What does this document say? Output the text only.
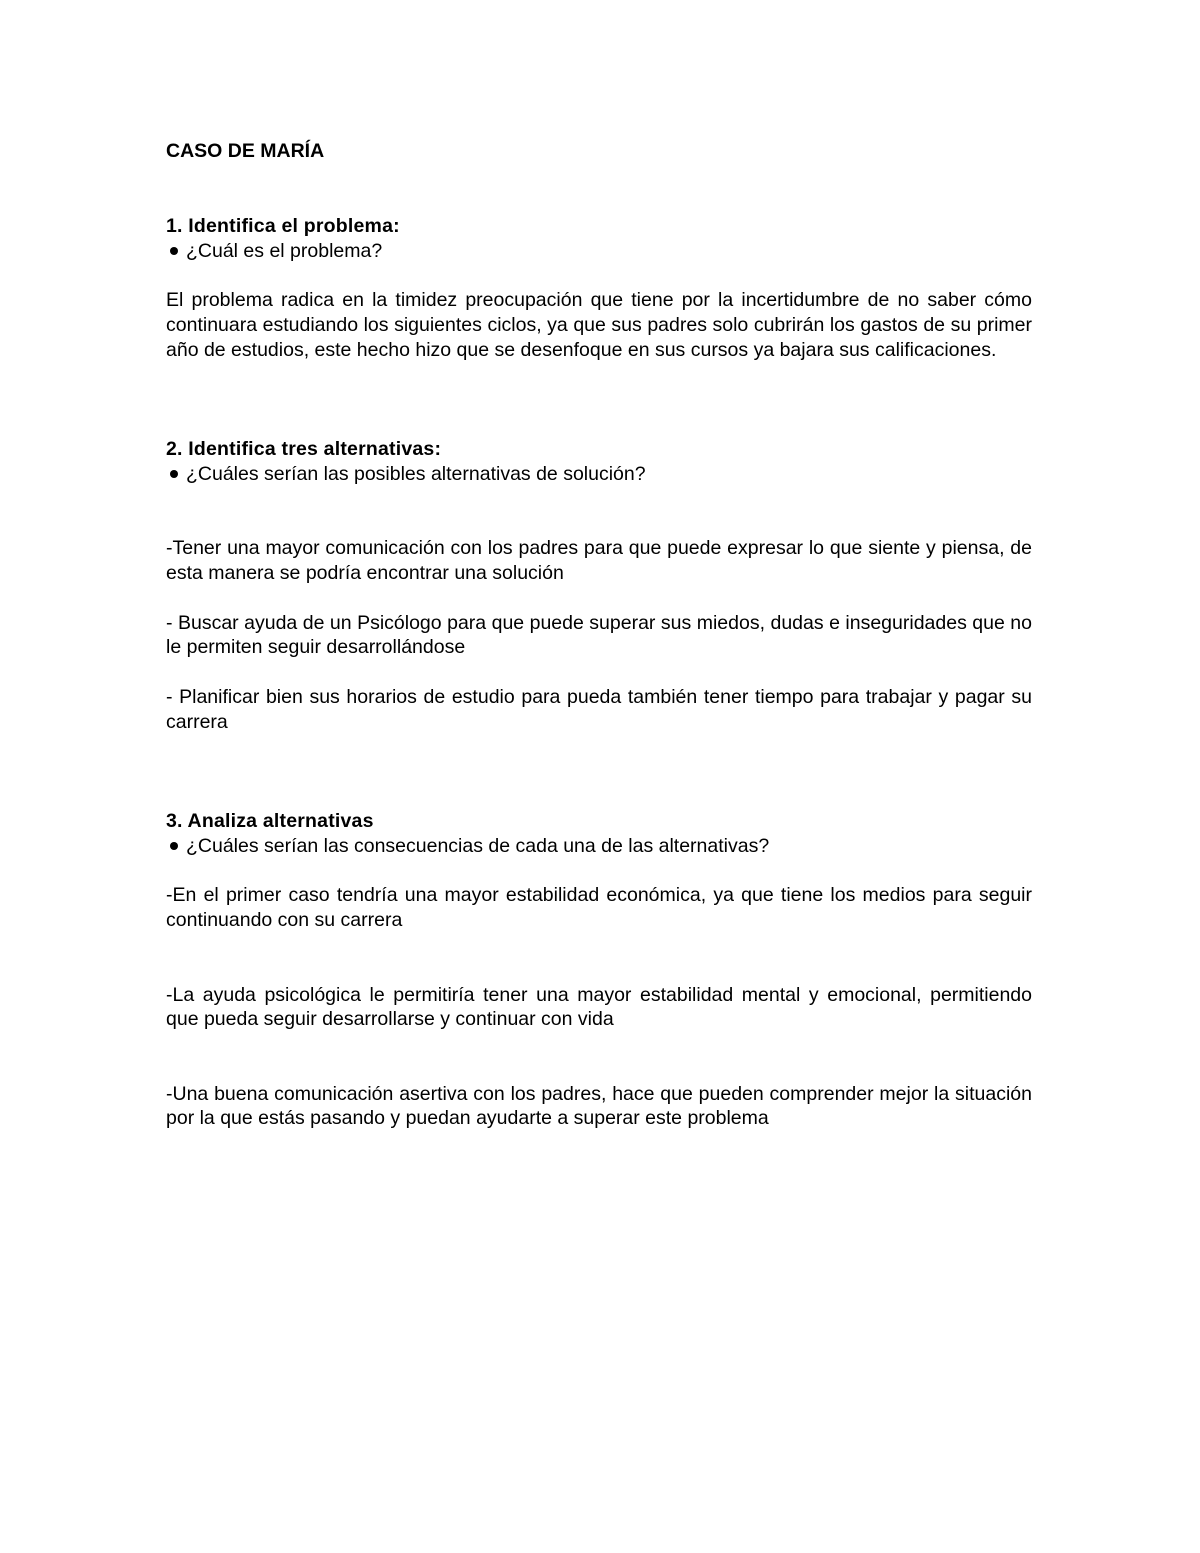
CASO DE MARÍA

1. Identifica el problema:

¿Cuál es el problema?

El problema radica en la timidez preocupación que tiene por la incertidumbre de no saber cómo continuara estudiando los siguientes ciclos, ya que sus padres solo cubrirán los gastos de su primer año de estudios, este hecho hizo que se desenfoque en sus cursos ya bajara sus calificaciones.

2. Identifica tres alternativas:

¿Cuáles serían las posibles alternativas de solución?

-Tener una mayor comunicación con los padres para que puede expresar lo que siente y piensa, de esta manera se podría encontrar una solución

- Buscar ayuda de un Psicólogo para que puede superar sus miedos, dudas e inseguridades que no le permiten seguir desarrollándose

- Planificar bien sus horarios de estudio para pueda también tener tiempo para trabajar y pagar su carrera

3. Analiza alternativas

¿Cuáles serían las consecuencias de cada una de las alternativas?

-En el primer caso tendría una mayor estabilidad económica, ya que tiene los medios para seguir continuando con su carrera

-La ayuda psicológica le permitiría tener una mayor estabilidad mental y emocional, permitiendo que pueda seguir desarrollarse y continuar con vida

-Una buena comunicación asertiva con los padres, hace que pueden comprender mejor la situación por la que estás pasando y puedan ayudarte a superar este problema
